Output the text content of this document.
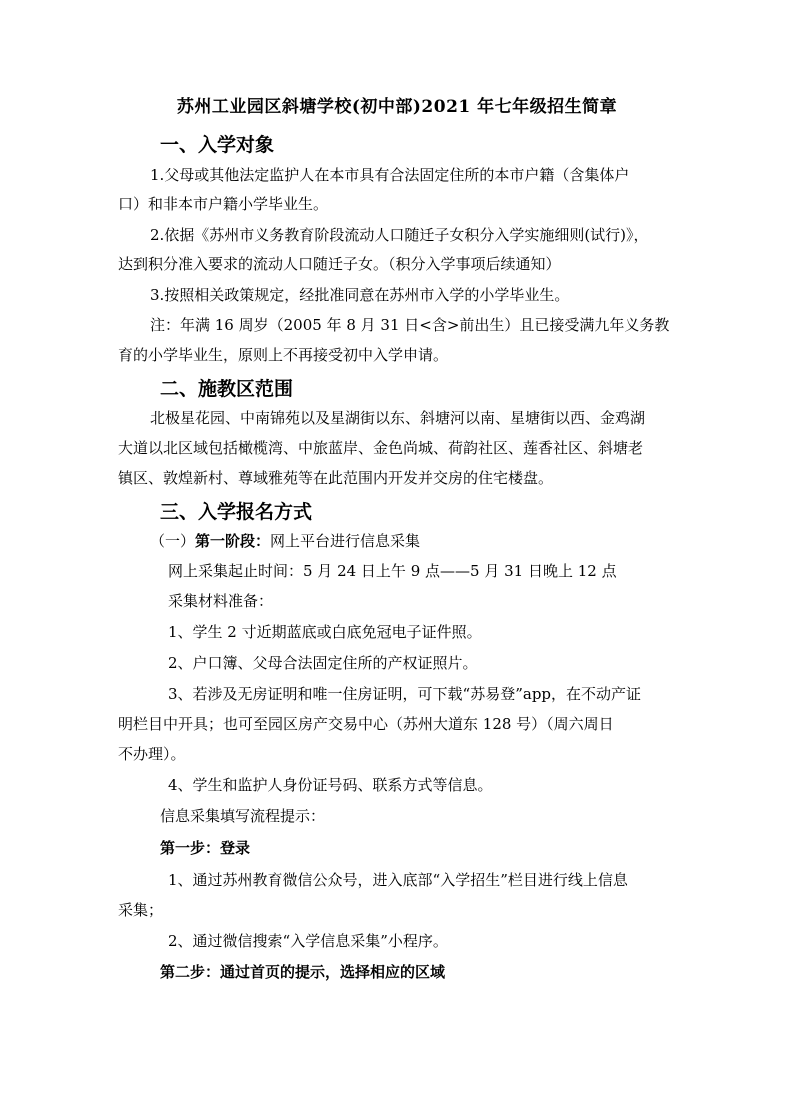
苏州工业园区斜塘学校(初中部)2021 年七年级招生简章
一、入学对象
1.父母或其他法定监护人在本市具有合法固定住所的本市户籍（含集体户
口）和非本市户籍小学毕业生。
2.依据《苏州市义务教育阶段流动人口随迁子女积分入学实施细则(试行)》，
达到积分准入要求的流动人口随迁子女。（积分入学事项后续通知）
3.按照相关政策规定，经批准同意在苏州市入学的小学毕业生。
注：年满 16 周岁（2005 年 8 月 31 日<含>前出生）且已接受满九年义务教
育的小学毕业生，原则上不再接受初中入学申请。
二、施教区范围
北极星花园、中南锦苑以及星湖街以东、斜塘河以南、星塘街以西、金鸡湖
大道以北区域包括橄榄湾、中旅蓝岸、金色尚城、荷韵社区、莲香社区、斜塘老
镇区、敦煌新村、尊域雅苑等在此范围内开发并交房的住宅楼盘。
三、入学报名方式
（一）第一阶段：网上平台进行信息采集
网上采集起止时间：5 月 24 日上午 9 点——5 月 31 日晚上 12 点
采集材料准备：
1、学生 2 寸近期蓝底或白底免冠电子证件照。
2、户口簿、父母合法固定住所的产权证照片。
3、若涉及无房证明和唯一住房证明，可下载“苏易登”app，在不动产证
明栏目中开具；也可至园区房产交易中心（苏州大道东 128 号）（周六周日
不办理）。
4、学生和监护人身份证号码、联系方式等信息。
信息采集填写流程提示：
第一步：登录
1、通过苏州教育微信公众号，进入底部“入学招生”栏目进行线上信息
采集；
2、通过微信搜索“入学信息采集”小程序。
第二步：通过首页的提示，选择相应的区域
